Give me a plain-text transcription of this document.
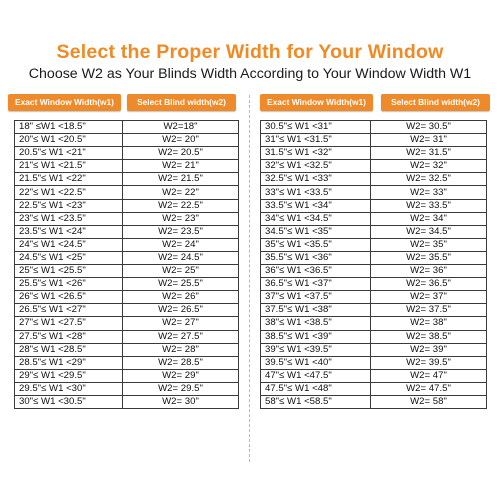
Select the Proper Width for Your Window
Choose W2 as Your Blinds Width According to Your Window Width W1
Exact Window Width(w1)	Select Blind width(w2)	Exact Window Width(w1)	Select Blind width(w2)
18" ≤W1 <18.5"	W2=18"
20"≤ W1 <20.5"	W2= 20"
20.5"≤ W1 <21"	W2= 20.5"
21"≤ W1 <21.5"	W2= 21"
21.5"≤ W1 <22"	W2= 21.5"
22"≤ W1 <22.5"	W2= 22"
22.5"≤ W1 <23"	W2= 22.5"
23"≤ W1 <23.5"	W2= 23"
23.5"≤ W1 <24"	W2= 23.5"
24"≤ W1 <24.5"	W2= 24"
24.5"≤ W1 <25"	W2= 24.5"
25"≤ W1 <25.5"	W2= 25"
25.5"≤ W1 <26"	W2= 25.5"
26"≤ W1 <26.5"	W2= 26"
26.5"≤ W1 <27"	W2= 26.5"
27"≤ W1 <27.5"	W2= 27"
27.5"≤ W1 <28"	W2= 27.5"
28"≤ W1 <28.5"	W2= 28"
28.5"≤ W1 <29"	W2= 28.5"
29"≤ W1 <29.5"	W2= 29"
29.5"≤ W1 <30"	W2= 29.5"
30"≤ W1 <30.5"	W2= 30"
30.5"≤ W1 <31"	W2= 30.5"
31"≤ W1 <31.5"	W2= 31"
31.5"≤ W1 <32"	W2= 31.5"
32"≤ W1 <32.5"	W2= 32"
32.5"≤ W1 <33"	W2= 32.5"
33"≤ W1 <33.5"	W2= 33"
33.5"≤ W1 <34"	W2= 33.5"
34"≤ W1 <34.5"	W2= 34"
34.5"≤ W1 <35"	W2= 34.5"
35"≤ W1 <35.5"	W2= 35"
35.5"≤ W1 <36"	W2= 35.5"
36"≤ W1 <36.5"	W2= 36"
36.5"≤ W1 <37"	W2= 36.5"
37"≤ W1 <37.5"	W2= 37"
37.5"≤ W1 <38"	W2= 37.5"
38"≤ W1 <38.5"	W2= 38"
38.5"≤ W1 <39"	W2= 38.5"
39"≤ W1 <39.5"	W2= 39"
39.5"≤ W1 <40"	W2= 39.5"
47"≤ W1 <47.5"	W2= 47"
47.5"≤ W1 <48"	W2= 47.5"
58"≤ W1 <58.5"	W2= 58"
